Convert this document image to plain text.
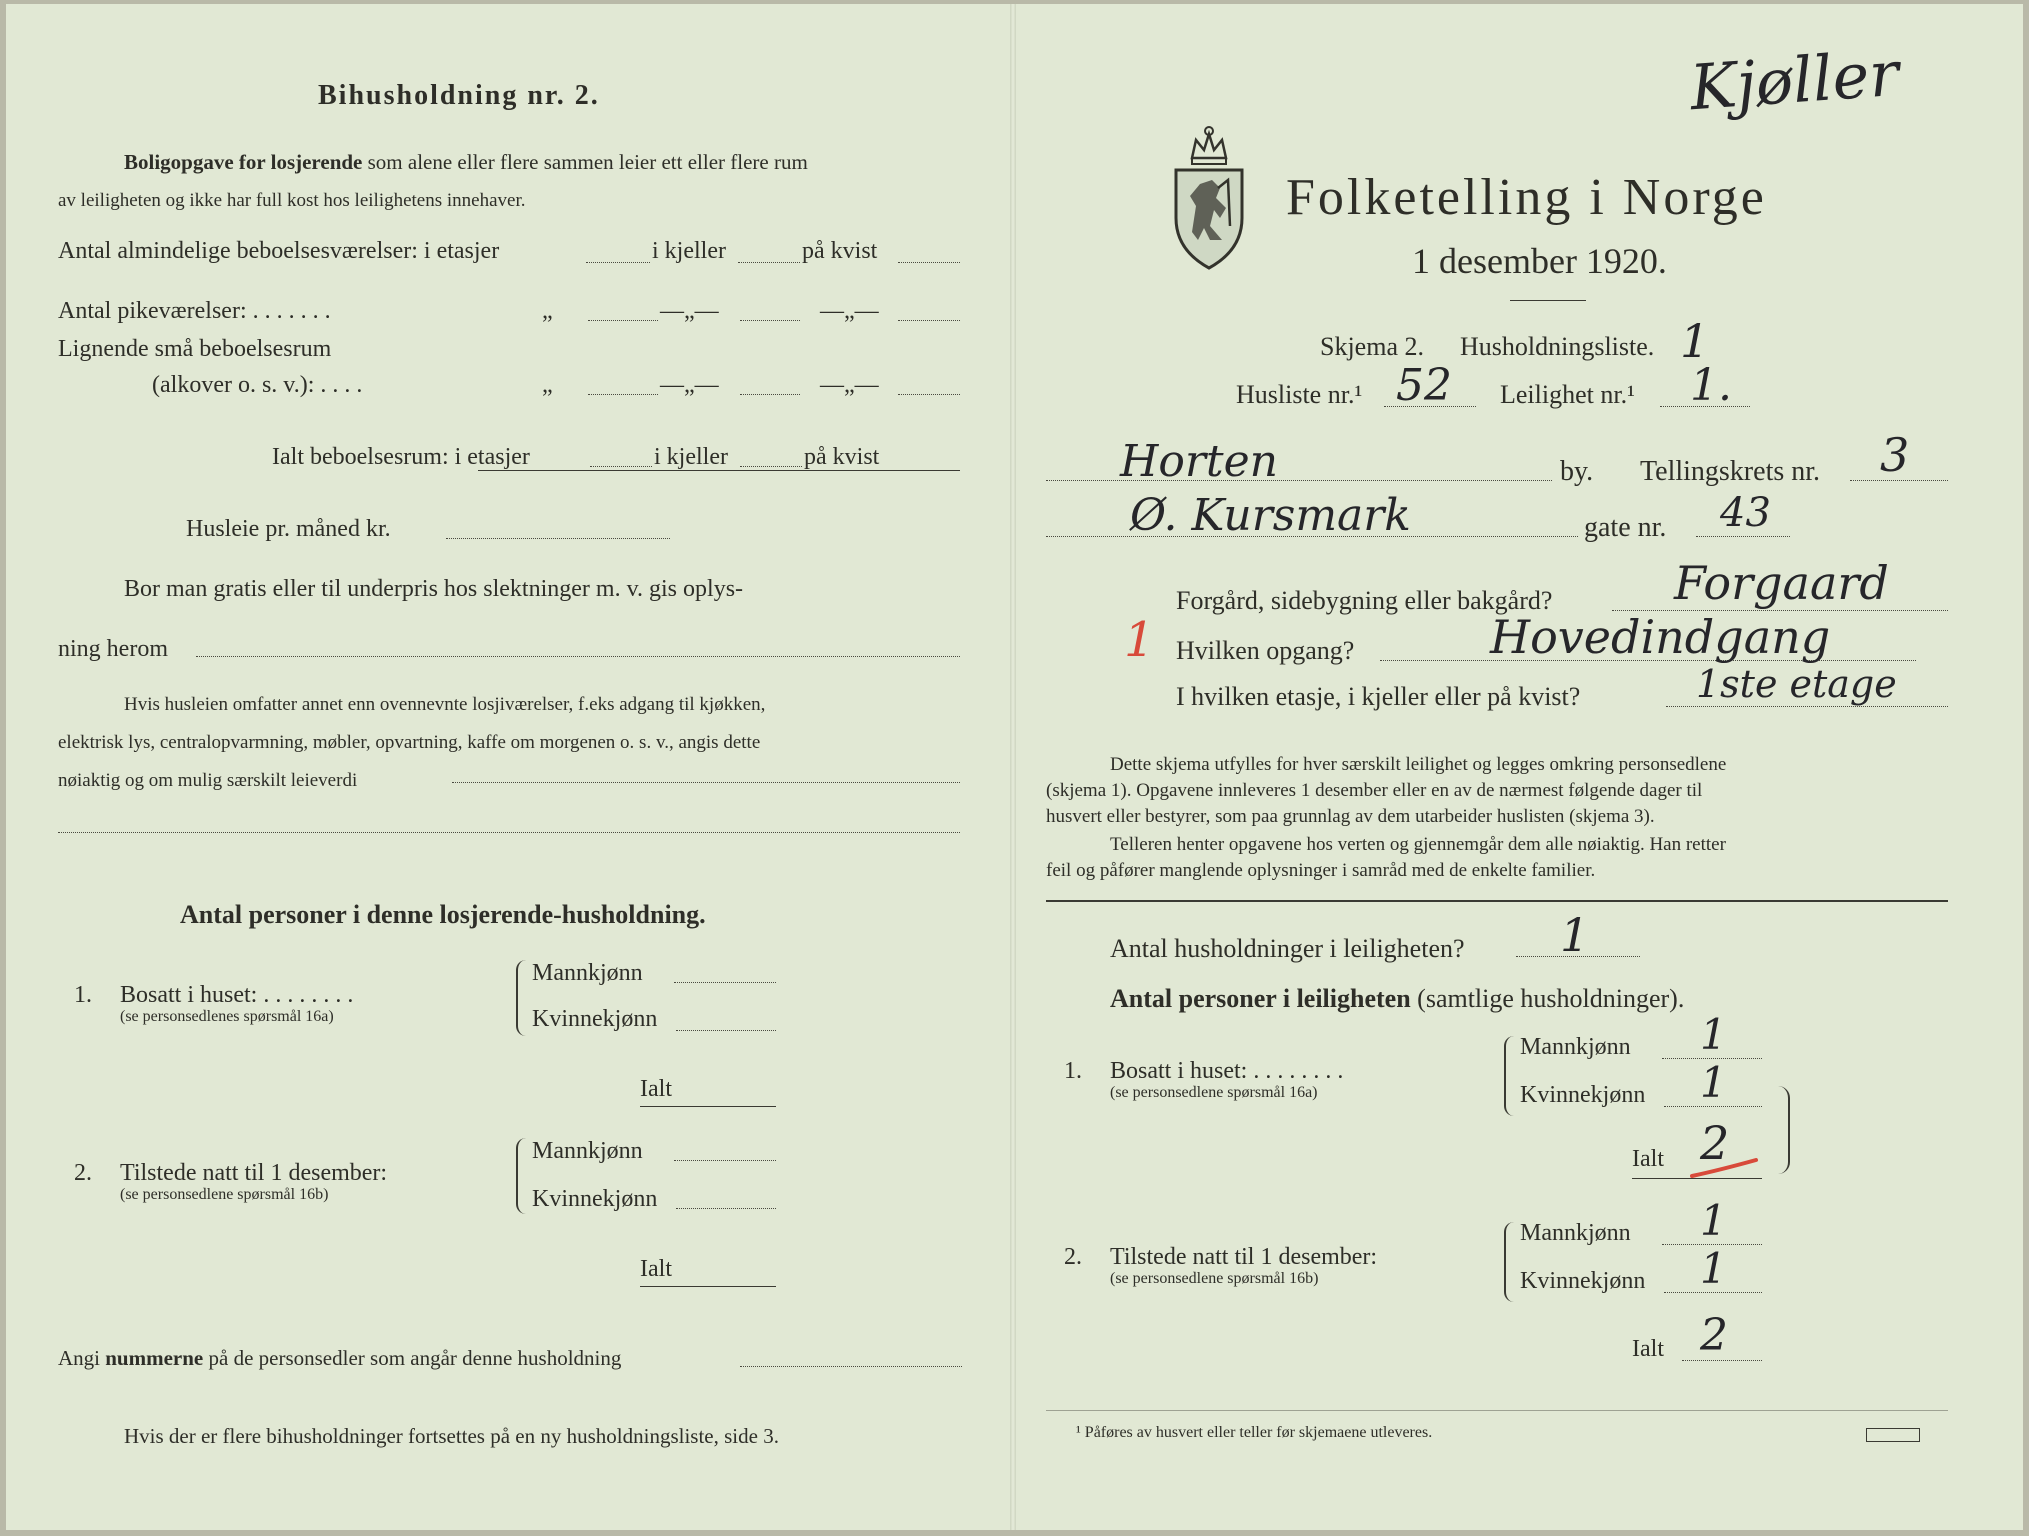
Bihusholdning nr. 2.
Boligopgave for losjerende som alene eller flere sammen leier ett eller flere rum
av leiligheten og ikke har full kost hos leilighetens innehaver.
Antal almindelige beboelsesværelser: i etasjer	i kjeller	på kvist
Antal pikeværelser: . . . . . . .	„	—„—	—„—
Lignende små beboelsesrum
(alkover o. s. v.): . . . .	„	—„—	—„—
Ialt beboelsesrum: i etasjer	i kjeller	på kvist
Husleie pr. måned kr.
Bor man gratis eller til underpris hos slektninger m. v. gis oplys-
ning herom
Hvis husleien omfatter annet enn ovennevnte losjiværelser, f.eks adgang til kjøkken,
elektrisk lys, centralopvarmning, møbler, opvartning, kaffe om morgenen o. s. v., angis dette
nøiaktig og om mulig særskilt leieverdi
Antal personer i denne losjerende-husholdning.
1. Bosatt i huset: . . . . . . . .
(se personsedlenes spørsmål 16a)
Mannkjønn
Kvinnekjønn
Ialt
2. Tilstede natt til 1 desember:
(se personsedlene spørsmål 16b)
Mannkjønn
Kvinnekjønn
Ialt
Angi nummerne på de personsedler som angår denne husholdning
Hvis der er flere bihusholdninger fortsettes på en ny husholdningsliste, side 3.
Folketelling i Norge
1 desember 1920.
Skjema 2. Husholdningsliste. 1
Husliste nr.¹ 52 Leilighet nr.¹ 1.
Horten	by. Tellingskrets nr. 3
Ø. Kursmark	gate nr. 43
Forgård, sidebygning eller bakgård?	Forgaard
1 Hvilken opgang?	Hovedindgang
I hvilken etasje, i kjeller eller på kvist?	1ste etage
Kjøller
Dette skjema utfylles for hver særskilt leilighet og legges omkring personsedlene
(skjema 1). Opgavene innleveres 1 desember eller en av de nærmest følgende dager til
husvert eller bestyrer, som paa grunnlag av dem utarbeider huslisten (skjema 3).
Telleren henter opgavene hos verten og gjennemgår dem alle nøiaktig. Han retter
feil og påfører manglende oplysninger i samråd med de enkelte familier.
Antal husholdninger i leiligheten? 1
Antal personer i leiligheten (samtlige husholdninger).
1. Bosatt i huset: . . . . . . . .
(se personsedlene spørsmål 16a)
Mannkjønn 1
Kvinnekjønn 1
Ialt 2
2. Tilstede natt til 1 desember:
(se personsedlene spørsmål 16b)
Mannkjønn 1
Kvinnekjønn 1
Ialt 2
¹ Påføres av husvert eller teller før skjemaene utleveres.
